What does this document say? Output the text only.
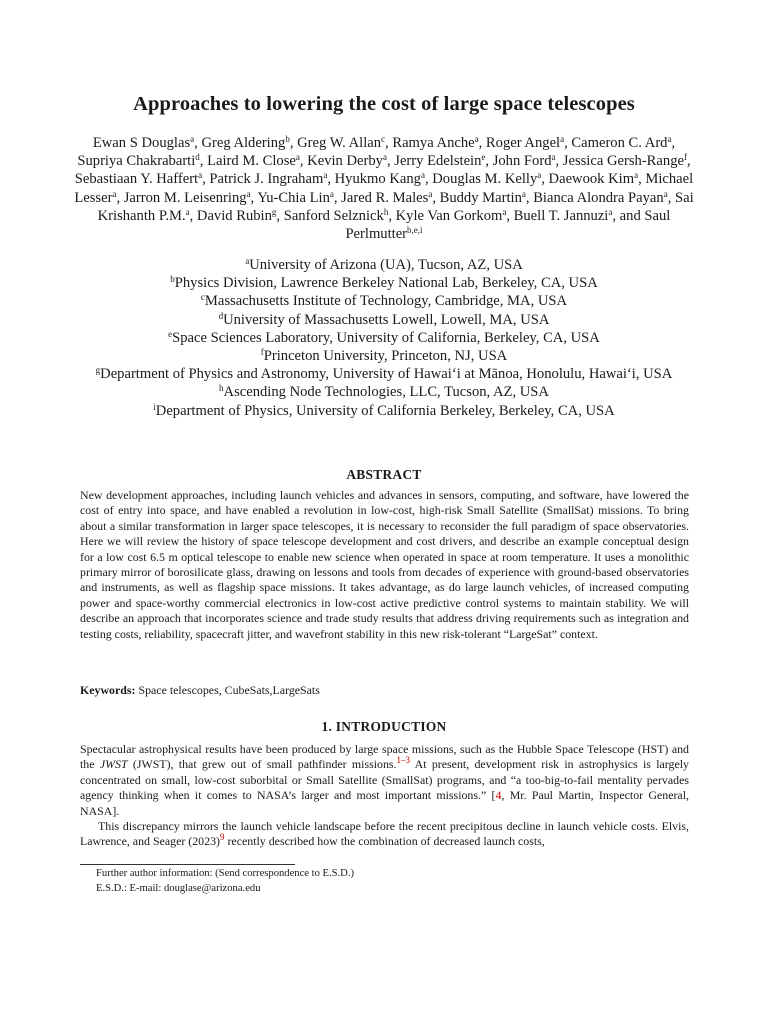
Approaches to lowering the cost of large space telescopes
Ewan S Douglas$^a$, Greg Aldering$^b$, Greg W. Allan$^c$, Ramya Anche$^a$, Roger Angel$^a$, Cameron C. Ard$^a$, Supriya Chakrabarti$^d$, Laird M. Close$^a$, Kevin Derby$^a$, Jerry Edelstein$^e$, John Ford$^a$, Jessica Gersh-Range$^f$, Sebastiaan Y. Haffert$^a$, Patrick J. Ingraham$^a$, Hyukmo Kang$^a$, Douglas M. Kelly$^a$, Daewook Kim$^a$, Michael Lesser$^a$, Jarron M. Leisenring$^a$, Yu-Chia Lin$^a$, Jared R. Males$^a$, Buddy Martin$^a$, Bianca Alondra Payan$^a$, Sai Krishanth P.M.$^a$, David Rubin$^g$, Sanford Selznick$^h$, Kyle Van Gorkom$^a$, Buell T. Jannuzi$^a$, and Saul Perlmutter$^{b,e,i}$
$^a$University of Arizona (UA), Tucson, AZ, USA
$^b$Physics Division, Lawrence Berkeley National Lab, Berkeley, CA, USA
$^c$Massachusetts Institute of Technology, Cambridge, MA, USA
$^d$University of Massachusetts Lowell, Lowell, MA, USA
$^e$Space Sciences Laboratory, University of California, Berkeley, CA, USA
$^f$Princeton University, Princeton, NJ, USA
$^g$Department of Physics and Astronomy, University of Hawai‘i at Mānoa, Honolulu, Hawai‘i, USA
$^h$Ascending Node Technologies, LLC, Tucson, AZ, USA
$^i$Department of Physics, University of California Berkeley, Berkeley, CA, USA
ABSTRACT
New development approaches, including launch vehicles and advances in sensors, computing, and software, have lowered the cost of entry into space, and have enabled a revolution in low-cost, high-risk Small Satellite (SmallSat) missions. To bring about a similar transformation in larger space telescopes, it is necessary to reconsider the full paradigm of space observatories. Here we will review the history of space telescope development and cost drivers, and describe an example conceptual design for a low cost 6.5 m optical telescope to enable new science when operated in space at room temperature. It uses a monolithic primary mirror of borosilicate glass, drawing on lessons and tools from decades of experience with ground-based observatories and instruments, as well as flagship space missions. It takes advantage, as do large launch vehicles, of increased computing power and space-worthy commercial electronics in low-cost active predictive control systems to maintain stability. We will describe an approach that incorporates science and trade study results that address driving requirements such as integration and testing costs, reliability, spacecraft jitter, and wavefront stability in this new risk-tolerant “LargeSat” context.
Keywords: Space telescopes, CubeSats,LargeSats
1. INTRODUCTION

Spectacular astrophysical results have been produced by large space missions, such as the Hubble Space Telescope (HST) and the JWST (JWST), that grew out of small pathfinder missions.$^{1-3}$ At present, development risk in astrophysics is largely concentrated on small, low-cost suborbital or Small Satellite (SmallSat) programs, and “a too-big-to-fail mentality pervades agency thinking when it comes to NASA’s larger and most important missions.” [4, Mr. Paul Martin, Inspector General, NASA].

This discrepancy mirrors the launch vehicle landscape before the recent precipitous decline in launch vehicle costs. Elvis, Lawrence, and Seager (2023)$^9$ recently described how the combination of decreased launch costs,

Further author information: (Send correspondence to E.S.D.)
E.S.D.: E-mail: douglase@arizona.edu
